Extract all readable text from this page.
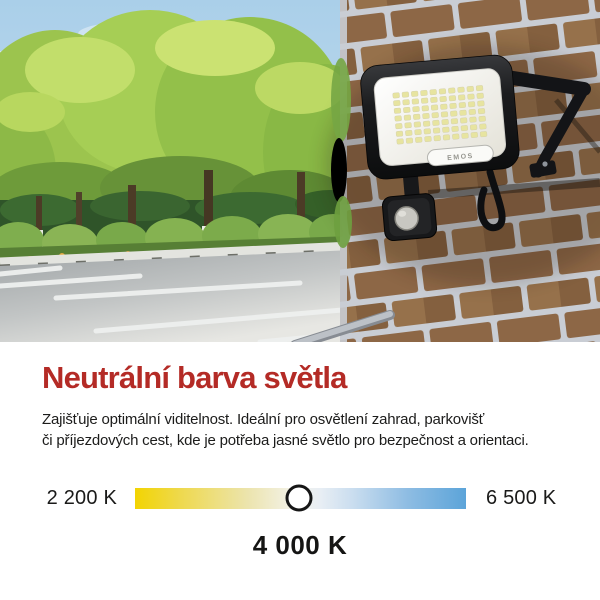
EMOS
Neutrální barva světla

Zajišťuje optimální viditelnost. Ideální pro osvětlení zahrad, parkovišť
či příjezdových cest, kde je potřeba jasné světlo pro bezpečnost a orientaci.

2 200 K	6 500 K
4 000 K
